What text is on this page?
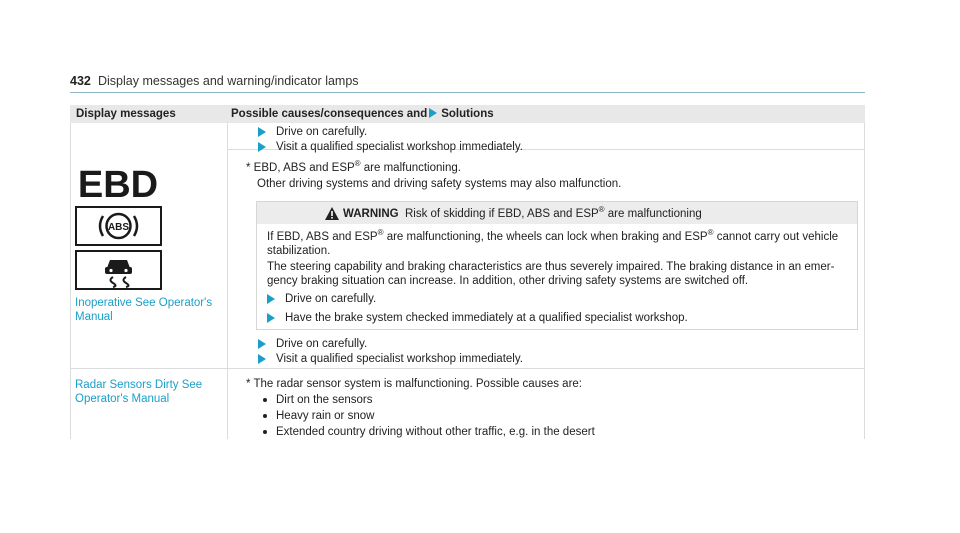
432 Display messages and warning/indicator lamps
Display messages	Possible causes/consequences and Solutions
Drive on carefully.
Visit a qualified specialist workshop immediately.
EBD
ABS
Inoperative See Operator's
Manual
* EBD, ABS and ESP® are malfunctioning.
Other driving systems and driving safety systems may also malfunction.
WARNING Risk of skidding if EBD, ABS and ESP® are malfunctioning
If EBD, ABS and ESP® are malfunctioning, the wheels can lock when braking and ESP® cannot carry out vehicle
stabilization.
The steering capability and braking characteristics are thus severely impaired. The braking distance in an emer-
gency braking situation can increase. In addition, other driving safety systems are switched off.
Drive on carefully.
Have the brake system checked immediately at a qualified specialist workshop.
Drive on carefully.
Visit a qualified specialist workshop immediately.
Radar Sensors Dirty See
Operator's Manual
* The radar sensor system is malfunctioning. Possible causes are:
Dirt on the sensors
Heavy rain or snow
Extended country driving without other traffic, e.g. in the desert
